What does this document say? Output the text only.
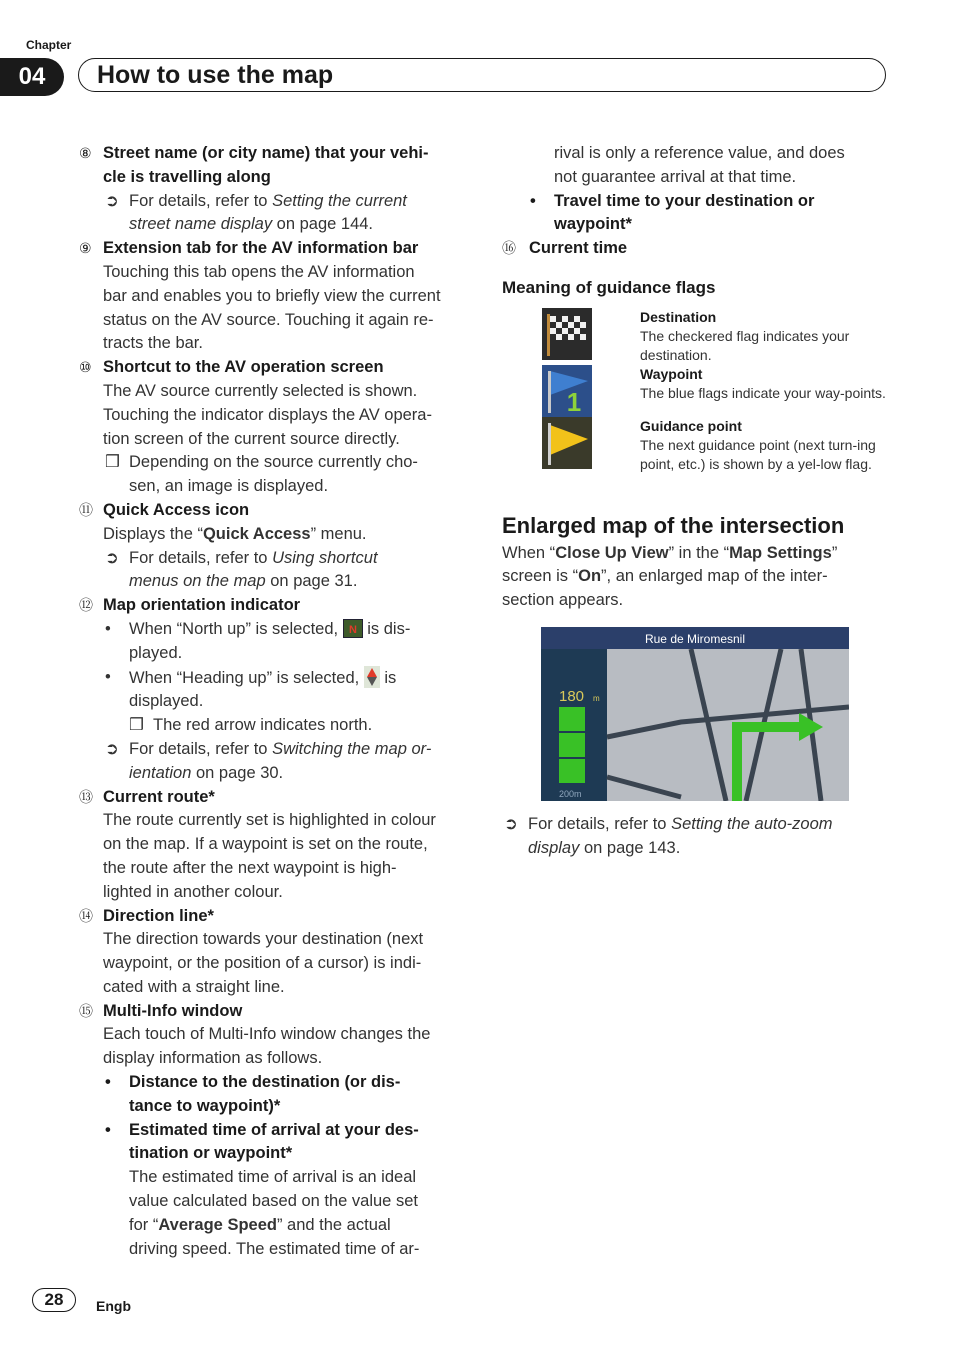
Chapter
04	How to use the map
⑧ Street name (or city name) that your vehi-
cle is travelling along
➲ For details, refer to Setting the current
street name display on page 144.
⑨ Extension tab for the AV information bar
Touching this tab opens the AV information
bar and enables you to briefly view the current
status on the AV source. Touching it again re-
tracts the bar.
⑩ Shortcut to the AV operation screen
The AV source currently selected is shown.
Touching the indicator displays the AV opera-
tion screen of the current source directly.
❒ Depending on the source currently cho-
sen, an image is displayed.
⑪ Quick Access icon
Displays the “Quick Access” menu.
➲ For details, refer to Using shortcut
menus on the map on page 31.
⑫ Map orientation indicator
• When “North up” is selected, N is dis-
played.
• When “Heading up” is selected,  is
displayed.
❒ The red arrow indicates north.
➲ For details, refer to Switching the map or-
ientation on page 30.
⑬ Current route*
The route currently set is highlighted in colour
on the map. If a waypoint is set on the route,
the route after the next waypoint is high-
lighted in another colour.
⑭ Direction line*
The direction towards your destination (next
waypoint, or the position of a cursor) is indi-
cated with a straight line.
⑮ Multi-Info window
Each touch of Multi-Info window changes the
display information as follows.
• Distance to the destination (or dis-
tance to waypoint)*
• Estimated time of arrival at your des-
tination or waypoint*
The estimated time of arrival is an ideal
value calculated based on the value set
for “Average Speed” and the actual
driving speed. The estimated time of ar-
rival is only a reference value, and does
not guarantee arrival at that time.
• Travel time to your destination or
waypoint*
⑯ Current time
Meaning of guidance flags
Destination
The checkered flag indicates your destination.
1
Waypoint
The blue flags indicate your way-points.
Guidance point
The next guidance point (next turn-ing point, etc.) is shown by a yel-low flag.
Enlarged map of the intersection
When “Close Up View” in the “Map Settings”
screen is “On”, an enlarged map of the inter-
section appears.
Rue de Miromesnil
180 m
200m
➲ For details, refer to Setting the auto-zoom
display on page 143.
28	Engb
